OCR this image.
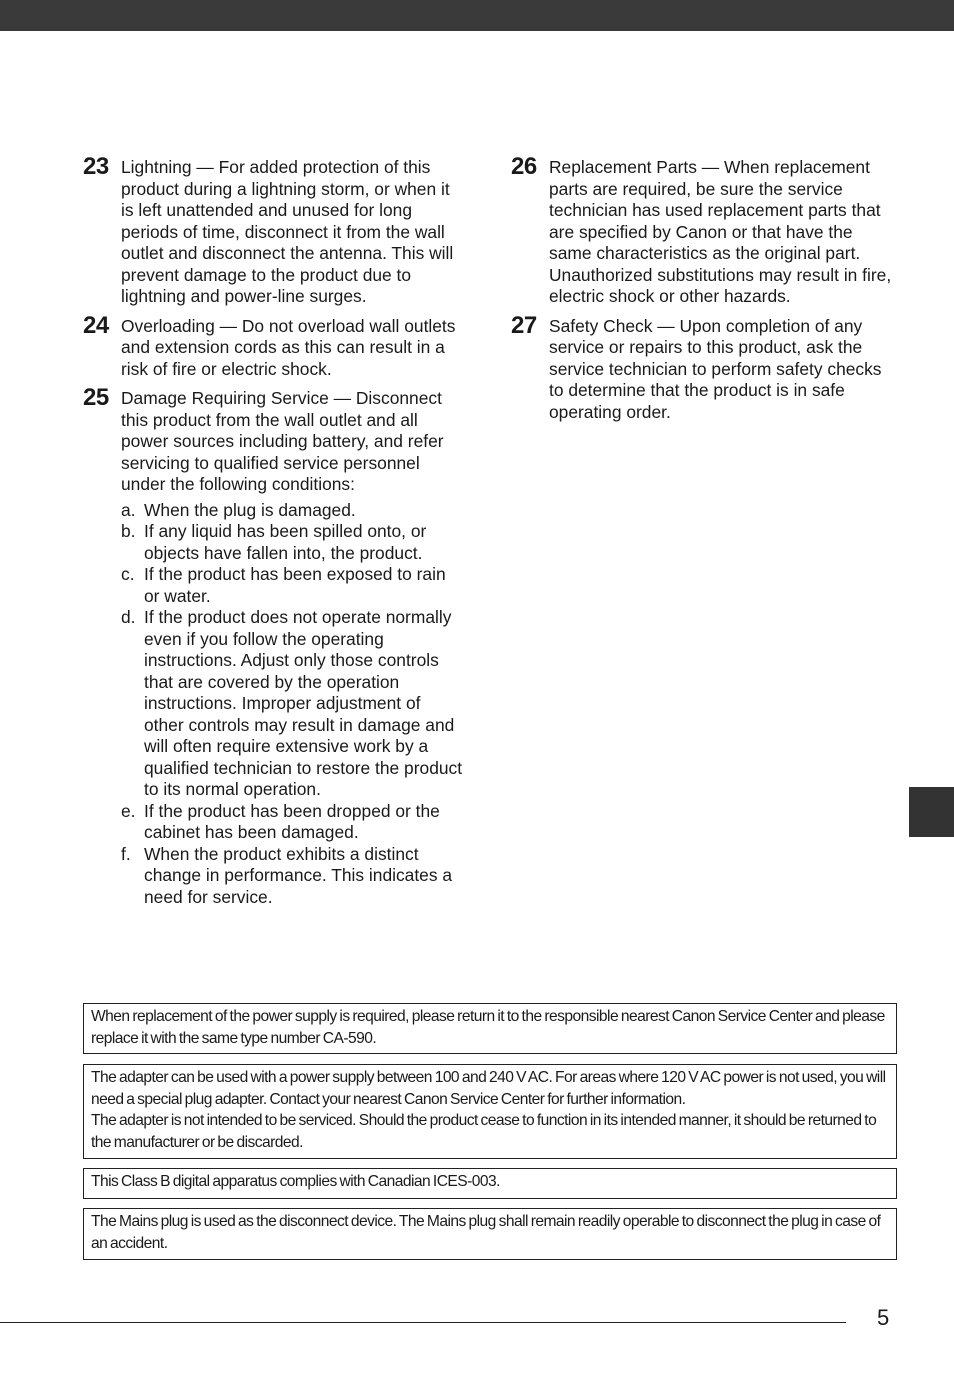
23 Lightning — For added protection of this product during a lightning storm, or when it is left unattended and unused for long periods of time, disconnect it from the wall outlet and disconnect the antenna. This will prevent damage to the product due to lightning and power-line surges.
24 Overloading — Do not overload wall outlets and extension cords as this can result in a risk of fire or electric shock.
25 Damage Requiring Service — Disconnect this product from the wall outlet and all power sources including battery, and refer servicing to qualified service personnel under the following conditions:
a. When the plug is damaged.
b. If any liquid has been spilled onto, or objects have fallen into, the product.
c. If the product has been exposed to rain or water.
d. If the product does not operate normally even if you follow the operating instructions. Adjust only those controls that are covered by the operation instructions. Improper adjustment of other controls may result in damage and will often require extensive work by a qualified technician to restore the product to its normal operation.
e. If the product has been dropped or the cabinet has been damaged.
f. When the product exhibits a distinct change in performance. This indicates a need for service.
26 Replacement Parts — When replacement parts are required, be sure the service technician has used replacement parts that are specified by Canon or that have the same characteristics as the original part. Unauthorized substitutions may result in fire, electric shock or other hazards.
27 Safety Check — Upon completion of any service or repairs to this product, ask the service technician to perform safety checks to determine that the product is in safe operating order.
When replacement of the power supply is required, please return it to the responsible nearest Canon Service Center and please replace it with the same type number CA-590.
The adapter can be used with a power supply between 100 and 240 V AC. For areas where 120 V AC power is not used, you will need a special plug adapter. Contact your nearest Canon Service Center for further information.
The adapter is not intended to be serviced. Should the product cease to function in its intended manner, it should be returned to the manufacturer or be discarded.
This Class B digital apparatus complies with Canadian ICES-003.
The Mains plug is used as the disconnect device. The Mains plug shall remain readily operable to disconnect the plug in case of an accident.
5
